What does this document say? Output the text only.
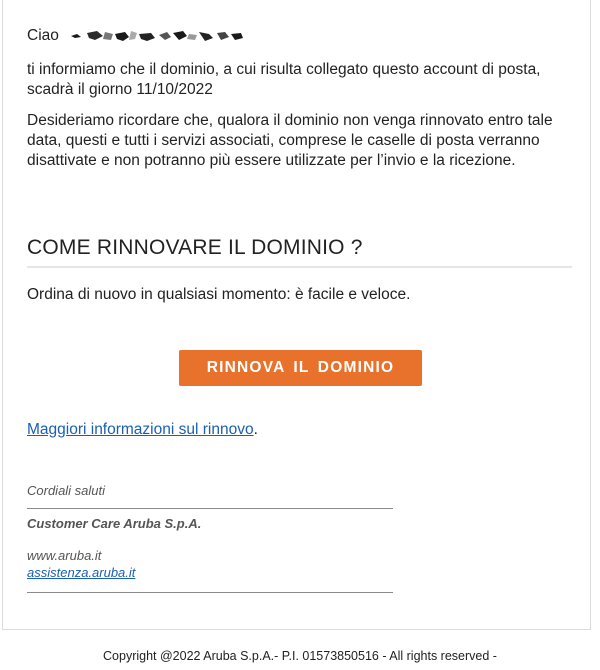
Ciao

ti informiamo che il dominio, a cui risulta collegato questo account di posta, scadrà il giorno 11/10/2022

Desideriamo ricordare che, qualora il dominio non venga rinnovato entro tale data, questi e tutti i servizi associati, comprese le caselle di posta verranno disattivate e non potranno più essere utilizzate per l’invio e la ricezione.

COME RINNOVARE IL DOMINIO ?

Ordina di nuovo in qualsiasi momento: è facile e veloce.

RINNOVA IL DOMINIO
Maggiori informazioni sul rinnovo.
Cordiali saluti
Customer Care Aruba S.p.A.
www.aruba.it
assistenza.aruba.it
Copyright @2022 Aruba S.p.A.- P.I. 01573850516 - All rights reserved -
